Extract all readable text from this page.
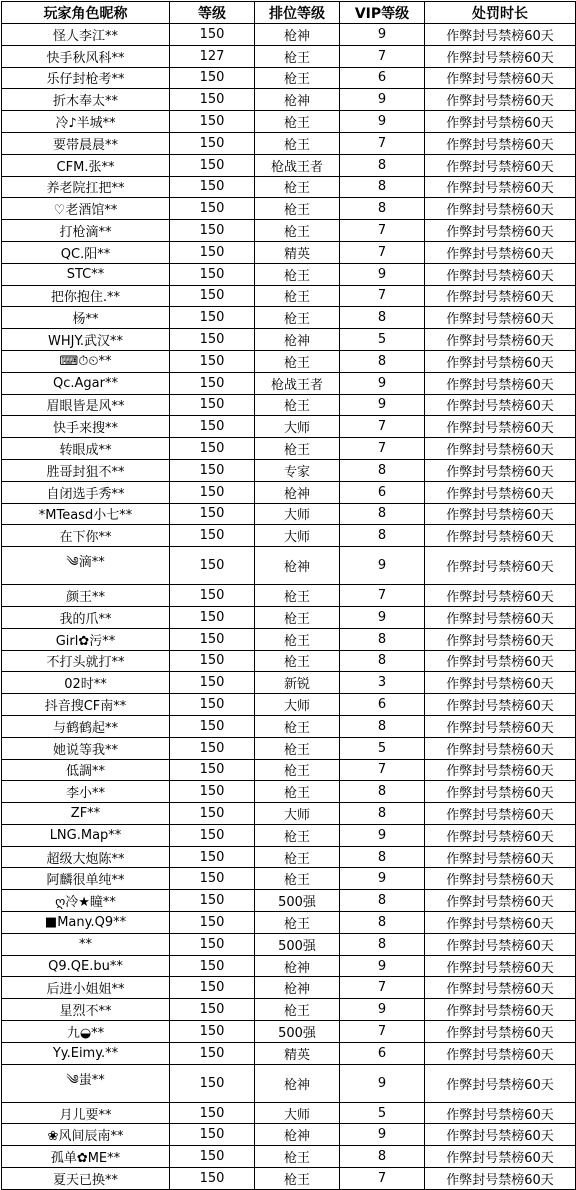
玩家角色昵称	等级	排位等级	VIP等级	处罚时长
怪人李江**	150	枪神	9	作弊封号禁榜60天
快手秋风科**	127	枪王	7	作弊封号禁榜60天
乐仔封枪考**	150	枪王	6	作弊封号禁榜60天
折木奉太**	150	枪神	9	作弊封号禁榜60天
冷♪半城**	150	枪王	9	作弊封号禁榜60天
要帯晨晨**	150	枪王	7	作弊封号禁榜60天
CFM.张**	150	枪战王者	8	作弊封号禁榜60天
养老院扛把**	150	枪王	8	作弊封号禁榜60天
♡老酒馆**	150	枪王	8	作弊封号禁榜60天
打枪滴**	150	枪王	7	作弊封号禁榜60天
QC.阳**	150	精英	7	作弊封号禁榜60天
STC**	150	枪王	9	作弊封号禁榜60天
把你抱住.**	150	枪王	7	作弊封号禁榜60天
杨**	150	枪王	8	作弊封号禁榜60天
WHJY.武汉**	150	枪神	5	作弊封号禁榜60天
⌨⏱⏲**	150	枪王	8	作弊封号禁榜60天
Qc.Agar**	150	枪战王者	9	作弊封号禁榜60天
眉眼皆是风**	150	枪王	9	作弊封号禁榜60天
快手来搜**	150	大师	7	作弊封号禁榜60天
转眼成**	150	枪王	7	作弊封号禁榜60天
胜哥封狙不**	150	专家	8	作弊封号禁榜60天
自闭选手秀**	150	枪神	6	作弊封号禁榜60天
*MTeasd小七**	150	大师	8	作弊封号禁榜60天
在下你**	150	大师	8	作弊封号禁榜60天
༄滴**	150	枪神	9	作弊封号禁榜60天
颜王**	150	枪王	7	作弊封号禁榜60天
我的爪**	150	枪王	9	作弊封号禁榜60天
Girl✿污**	150	枪王	8	作弊封号禁榜60天
不打头就打**	150	枪王	8	作弊封号禁榜60天
02时**	150	新锐	3	作弊封号禁榜60天
抖音搜CF南**	150	大师	6	作弊封号禁榜60天
与鹤鹤起**	150	枪王	8	作弊封号禁榜60天
她说等我**	150	枪王	5	作弊封号禁榜60天
低調**	150	枪王	7	作弊封号禁榜60天
李小**	150	枪王	8	作弊封号禁榜60天
ZF**	150	大师	8	作弊封号禁榜60天
LNG.Map**	150	枪王	9	作弊封号禁榜60天
超级大炮陈**	150	枪王	8	作弊封号禁榜60天
阿麟很单纯**	150	枪王	9	作弊封号禁榜60天
ღ冷★瞳**	150	500强	8	作弊封号禁榜60天
■Many.Q9**	150	枪王	8	作弊封号禁榜60天
**	150	500强	8	作弊封号禁榜60天
Q9.QE.bu**	150	枪神	9	作弊封号禁榜60天
后进小姐姐**	150	枪神	7	作弊封号禁榜60天
星烈不**	150	枪王	9	作弊封号禁榜60天
九◒**	150	500强	7	作弊封号禁榜60天
Yy.Eimy.**	150	精英	6	作弊封号禁榜60天
༄蚩**	150	枪神	9	作弊封号禁榜60天
月儿要**	150	大师	5	作弊封号禁榜60天
❀风间辰南**	150	枪神	9	作弊封号禁榜60天
孤单✿ME**	150	枪王	8	作弊封号禁榜60天
夏天已换**	150	枪王	7	作弊封号禁榜60天
